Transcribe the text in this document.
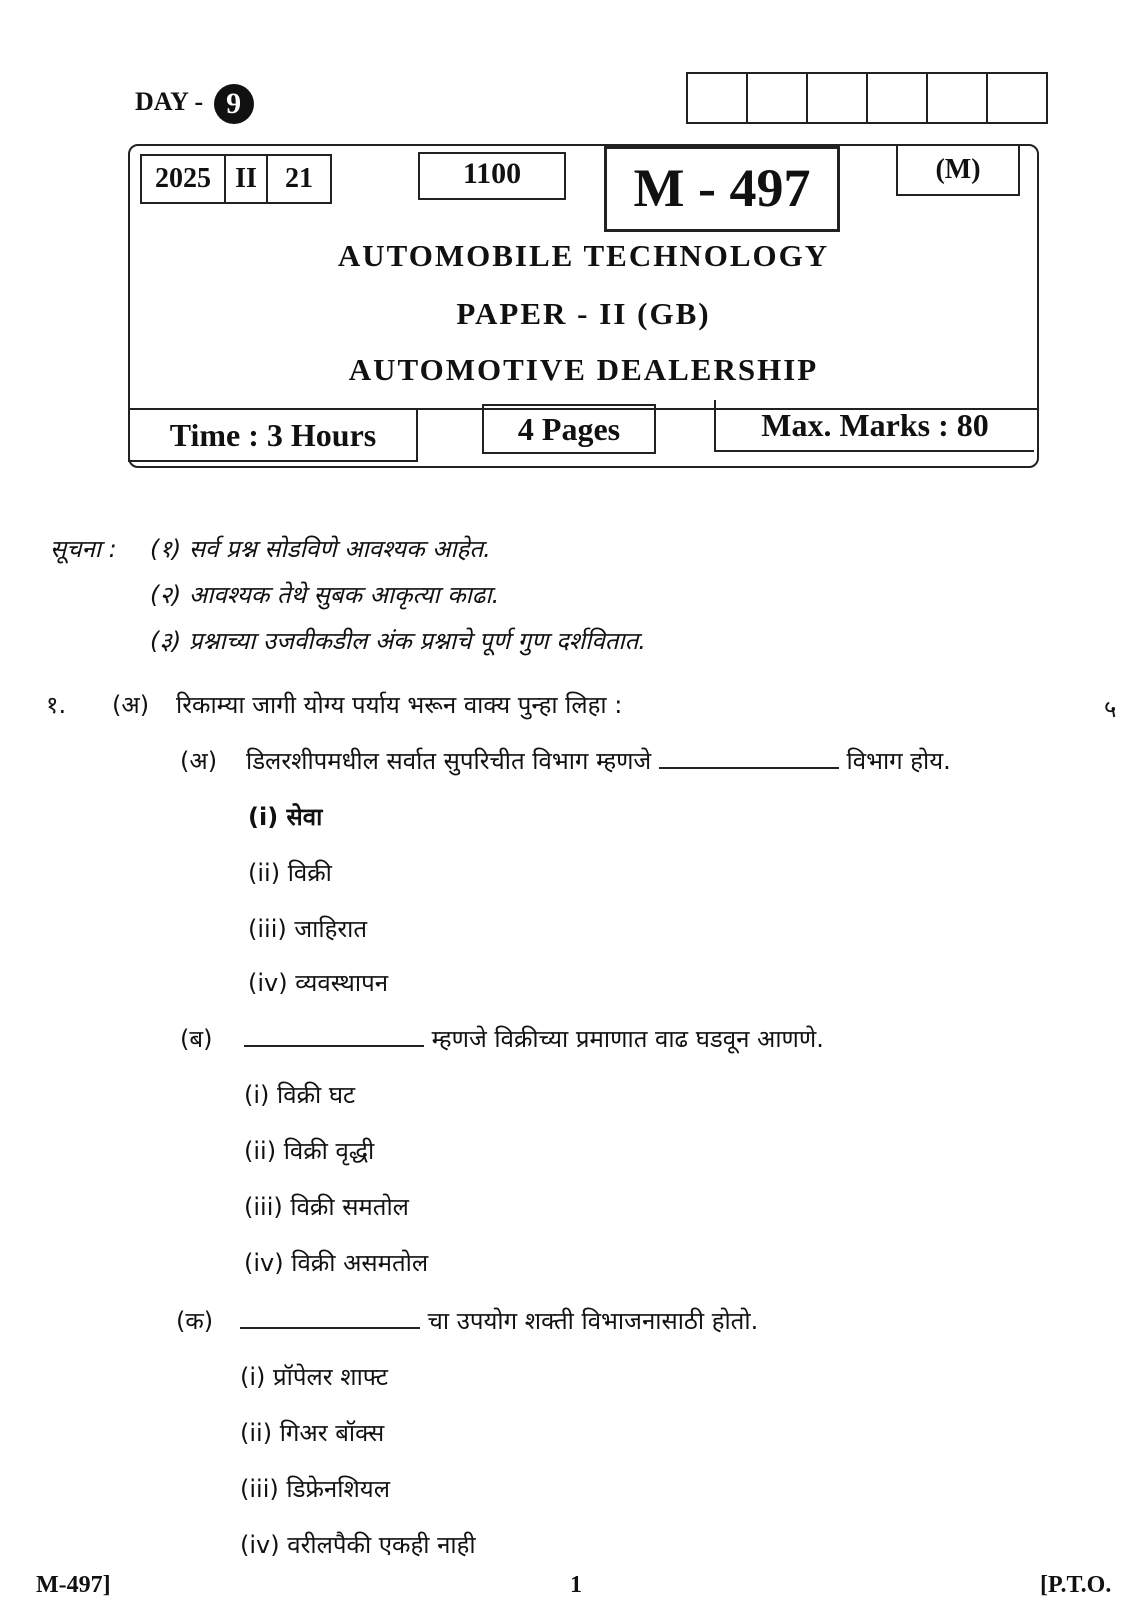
DAY - 9
2025 II	21	1100	M - 497	(M)
AUTOMOBILE TECHNOLOGY
PAPER - II (GB)
AUTOMOTIVE DEALERSHIP
Time : 3 Hours	4 Pages	Max. Marks : 80
सूचना : (१) सर्व प्रश्न सोडविणे आवश्यक आहेत.
(२) आवश्यक तेथे सुबक आकृत्या काढा.
(३) प्रश्नाच्या उजवीकडील अंक प्रश्नाचे पूर्ण गुण दर्शवितात.
१. (अ) रिकाम्या जागी योग्य पर्याय भरून वाक्य पुन्हा लिहा :	५
(अ) डिलरशीपमधील सर्वात सुपरिचीत विभाग म्हणजे	विभाग होय.
(i) सेवा
(ii) विक्री
(iii) जाहिरात
(iv) व्यवस्थापन
(ब)	म्हणजे विक्रीच्या प्रमाणात वाढ घडवून आणणे.
(i) विक्री घट
(ii) विक्री वृद्धी
(iii) विक्री समतोल
(iv) विक्री असमतोल
(क)	चा उपयोग शक्ती विभाजनासाठी होतो.
(i) प्रॉपेलर शाफ्ट
(ii) गिअर बॉक्स
(iii) डिफ्रेनशियल
(iv) वरीलपैकी एकही नाही
M-497]	1	[P.T.O.
